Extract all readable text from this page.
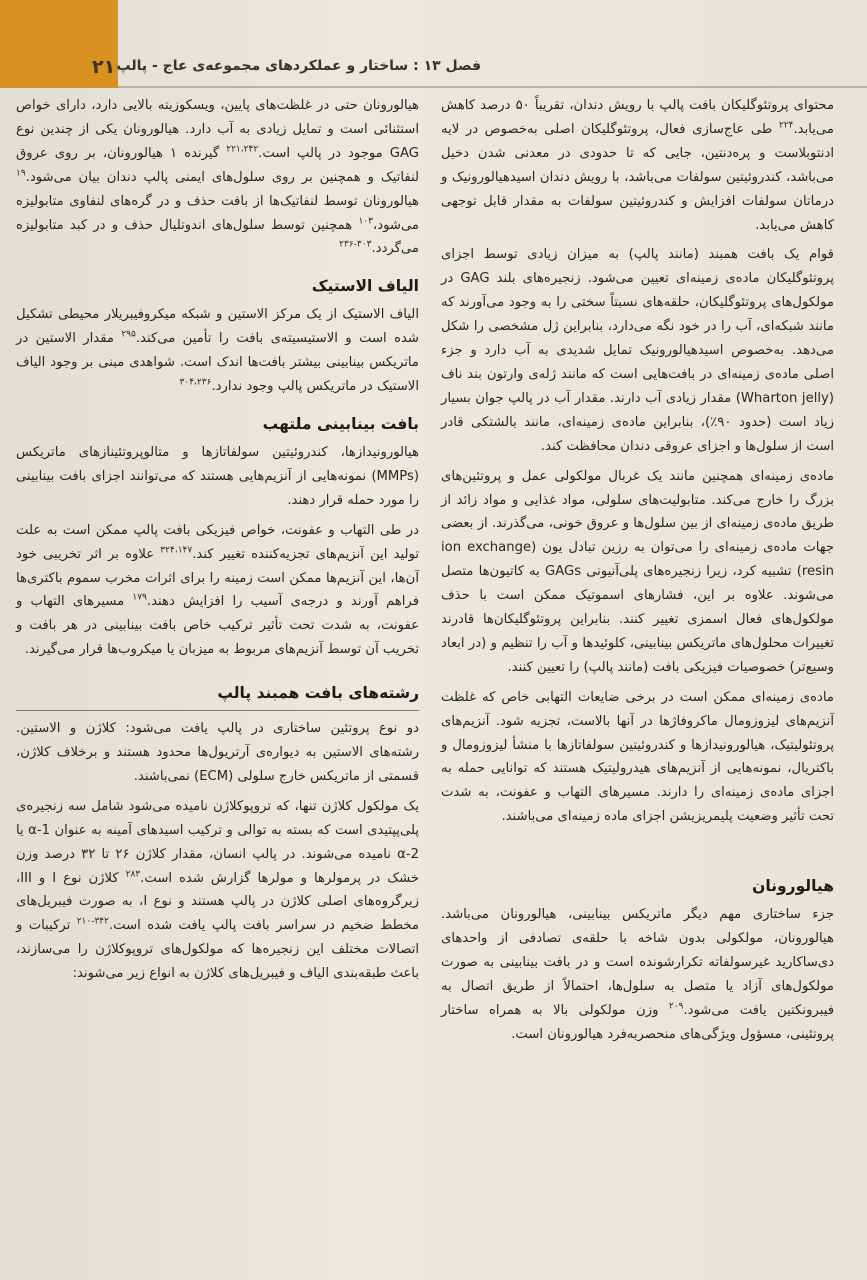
۲۱ فصل ۱۳ : ساختار و عملکردهای مجموعه‌ی عاج - پالپ

محتوای پروتئوگلیکان بافت پالپ با رویش دندان، تقریباً ۵۰ درصد کاهش می‌یابد.$^{۲۲۴}$ طی عاج‌سازی فعال، پروتئوگلیکان اصلی به‌خصوص در لایه ادنتوبلاست و پرەدنتین، جایی که تا حدودی در معدنی شدن دخیل می‌باشد، کندروئیتین سولفات می‌باشد، با رویش دندان اسیدهیالورونیک و درماتان سولفات افزایش و کندروئیتین سولفات به مقدار قابل توجهی کاهش می‌یابد.

قوام یک بافت همبند (مانند پالپ) به میزان زیادی توسط اجزای پروتئوگلیکان ماده‌ی زمینه‌ای تعیین می‌شود. زنجیره‌های بلند GAG در مولکول‌های پروتئوگلیکان، حلقه‌های نسبتاً سختی را به وجود می‌آورند که مانند شبکه‌ای، آب را در خود نگه می‌دارد، بنابراین ژل مشخصی را شکل می‌دهد. به‌خصوص اسیدهیالورونیک تمایل شدیدی به آب دارد و جزء اصلی ماده‌ی زمینه‌ای در بافت‌هایی است که مانند ژله‌ی وارتون بند ناف (Wharton jelly) مقدار زیادی آب دارند. مقدار آب در پالپ جوان بسیار زیاد است (حدود ۹۰٪)، بنابراین ماده‌ی زمینه‌ای، مانند بالشتکی قادر است از سلول‌ها و اجزای عروقی دندان محافظت کند.

ماده‌ی زمینه‌ای همچنین مانند یک غربال مولکولی عمل و پروتئین‌های بزرگ را خارج می‌کند. متابولیت‌های سلولی، مواد غذایی و مواد زائد از طریق ماده‌ی زمینه‌ای از بین سلول‌ها و عروق خونی، می‌گذرند. از بعضی جهات ماده‌ی زمینه‌ای را می‌توان به رزین تبادل یون (ion exchange resin) تشبیه کرد، زیرا زنجیره‌های پلی‌آنیونی GAGs به کاتیون‌ها متصل می‌شوند. علاوه بر این، فشارهای اسموتیک ممکن است با حذف مولکول‌های فعال اسمزی تغییر کنند. بنابراین پروتئوگلیکان‌ها قادرند تغییرات محلول‌های ماتریکس بینابینی، کلوئیدها و آب را تنظیم و (در ابعاد وسیع‌تر) خصوصیات فیزیکی بافت (مانند پالپ) را تعیین کنند.

ماده‌ی زمینه‌ای ممکن است در برخی ضایعات التهابی خاص که غلظت آنزیم‌های لیزوزومال ماکروفاژها در آنها بالاست، تجزیه شود. آنزیم‌های پروتئولیتیک، هیالورونیدازها و کندروئیتین سولفاتازها با منشأ لیزوزومال و باکتریال، نمونه‌هایی از آنزیم‌های هیدرولیتیک هستند که توانایی حمله به اجزای ماده‌ی زمینه‌ای را دارند. مسیرهای التهاب و عفونت، به شدت تحت تأثیر وضعیت پلیمریزیشن اجزای ماده زمینه‌ای می‌باشند.

هیالورونان

جزء ساختاری مهم دیگر ماتریکس بینابینی، هیالورونان می‌باشد. هیالورونان، مولکولی بدون شاخه با حلقه‌ی تصادفی از واحدهای دی‌ساکارید غیرسولفاته تکرارشونده است و در بافت بینابینی به صورت مولکول‌های آزاد یا متصل به سلول‌ها، احتمالاً از طریق اتصال به فیبرونکتین یافت می‌شود.$^{۲۰۹}$ وزن مولکولی بالا به همراه ساختار پروتئینی، مسؤول ویژگی‌های منحصربه‌فرد هیالورونان است.

هیالورونان حتی در غلظت‌های پایین، ویسکوزیته بالایی دارد، دارای خواص استثنائی است و تمایل زیادی به آب دارد. هیالورونان یکی از چندین نوع GAG موجود در پالپ است.$^{۲۲۱،۲۴۲}$ گیرنده ۱ هیالورونان، بر روی عروق لنفاتیک و همچنین بر روی سلول‌های ایمنی پالپ دندان بیان می‌شود.$^{۱۹}$ هیالورونان توسط لنفاتیک‌ها از بافت حذف و در گره‌های لنفاوی متابولیزه می‌شود،$^{۱۰۳}$ همچنین توسط سلول‌های اندوتلیال حذف و در کبد متابولیزه می‌گردد.$^{۳۰۳-۲۳۶}$

الیاف الاستیک

الیاف الاستیک از یک مرکز الاستین و شبکه میکروفیبریلار محیطی تشکیل شده است و الاستیسیته‌ی بافت را تأمین می‌کند.$^{۲۹۵}$ مقدار الاستین در ماتریکس بینابینی بیشتر بافت‌ها اندک است. شواهدی مبنی بر وجود الیاف الاستیک در ماتریکس پالپ وجود ندارد.$^{۳۰۴،۲۳۶}$

بافت بینابینی ملتهب

هیالورونیدازها، کندروئیتین سولفاتازها و متالوپروتئینازهای ماتریکس (MMPs) نمونه‌هایی از آنزیم‌هایی هستند که می‌توانند اجزای بافت بینابینی را مورد حمله قرار دهند.

در طی التهاب و عفونت، خواص فیزیکی بافت پالپ ممکن است به علت تولید این آنزیم‌های تجزیه‌کننده تغییر کند.$^{۳۲۴،۱۴۷}$ علاوه بر اثر تخریبی خود آن‌ها، این آنزیم‌ها ممکن است زمینه را برای اثرات مخرب سموم باکتری‌ها فراهم آورند و درجه‌ی آسیب را افزایش دهند.$^{۱۷۹}$ مسیرهای التهاب و عفونت، به شدت تحت تأثیر ترکیب خاص بافت بینابینی در هر بافت و تخریب آن توسط آنزیم‌های مربوط به میزبان یا میکروب‌ها قرار می‌گیرند.

رشته‌های بافت همبند پالپ

دو نوع پروتئین ساختاری در پالپ یافت می‌شود: کلاژن و الاستین. رشته‌های الاستین به دیواره‌ی آرتریول‌ها محدود هستند و برخلاف کلاژن، قسمتی از ماتریکس خارج سلولی (ECM) نمی‌باشند.

یک مولکول کلاژن تنها، که تروپوکلاژن نامیده می‌شود شامل سه زنجیره‌ی پلی‌پپتیدی است که بسته به توالی و ترکیب اسیدهای آمینه به عنوان α-1 یا α-2 نامیده می‌شوند. در پالپ انسان، مقدار کلاژن ۲۶ تا ۳۲ درصد وزن خشک در پرمولرها و مولرها گزارش شده است.$^{۲۸۳}$ کلاژن نوع I و III، زیرگروه‌های اصلی کلاژن در پالپ هستند و نوع I، به صورت فیبریل‌های مخطط ضخیم در سراسر بافت پالپ یافت شده است.$^{۳۴۲-۲۱۰}$ ترکیبات و اتصالات مختلف این زنجیره‌ها که مولکول‌های تروپوکلاژن را می‌سازند، باعث طبقه‌بندی الیاف و فیبریل‌های کلاژن به انواع زیر می‌شوند:
